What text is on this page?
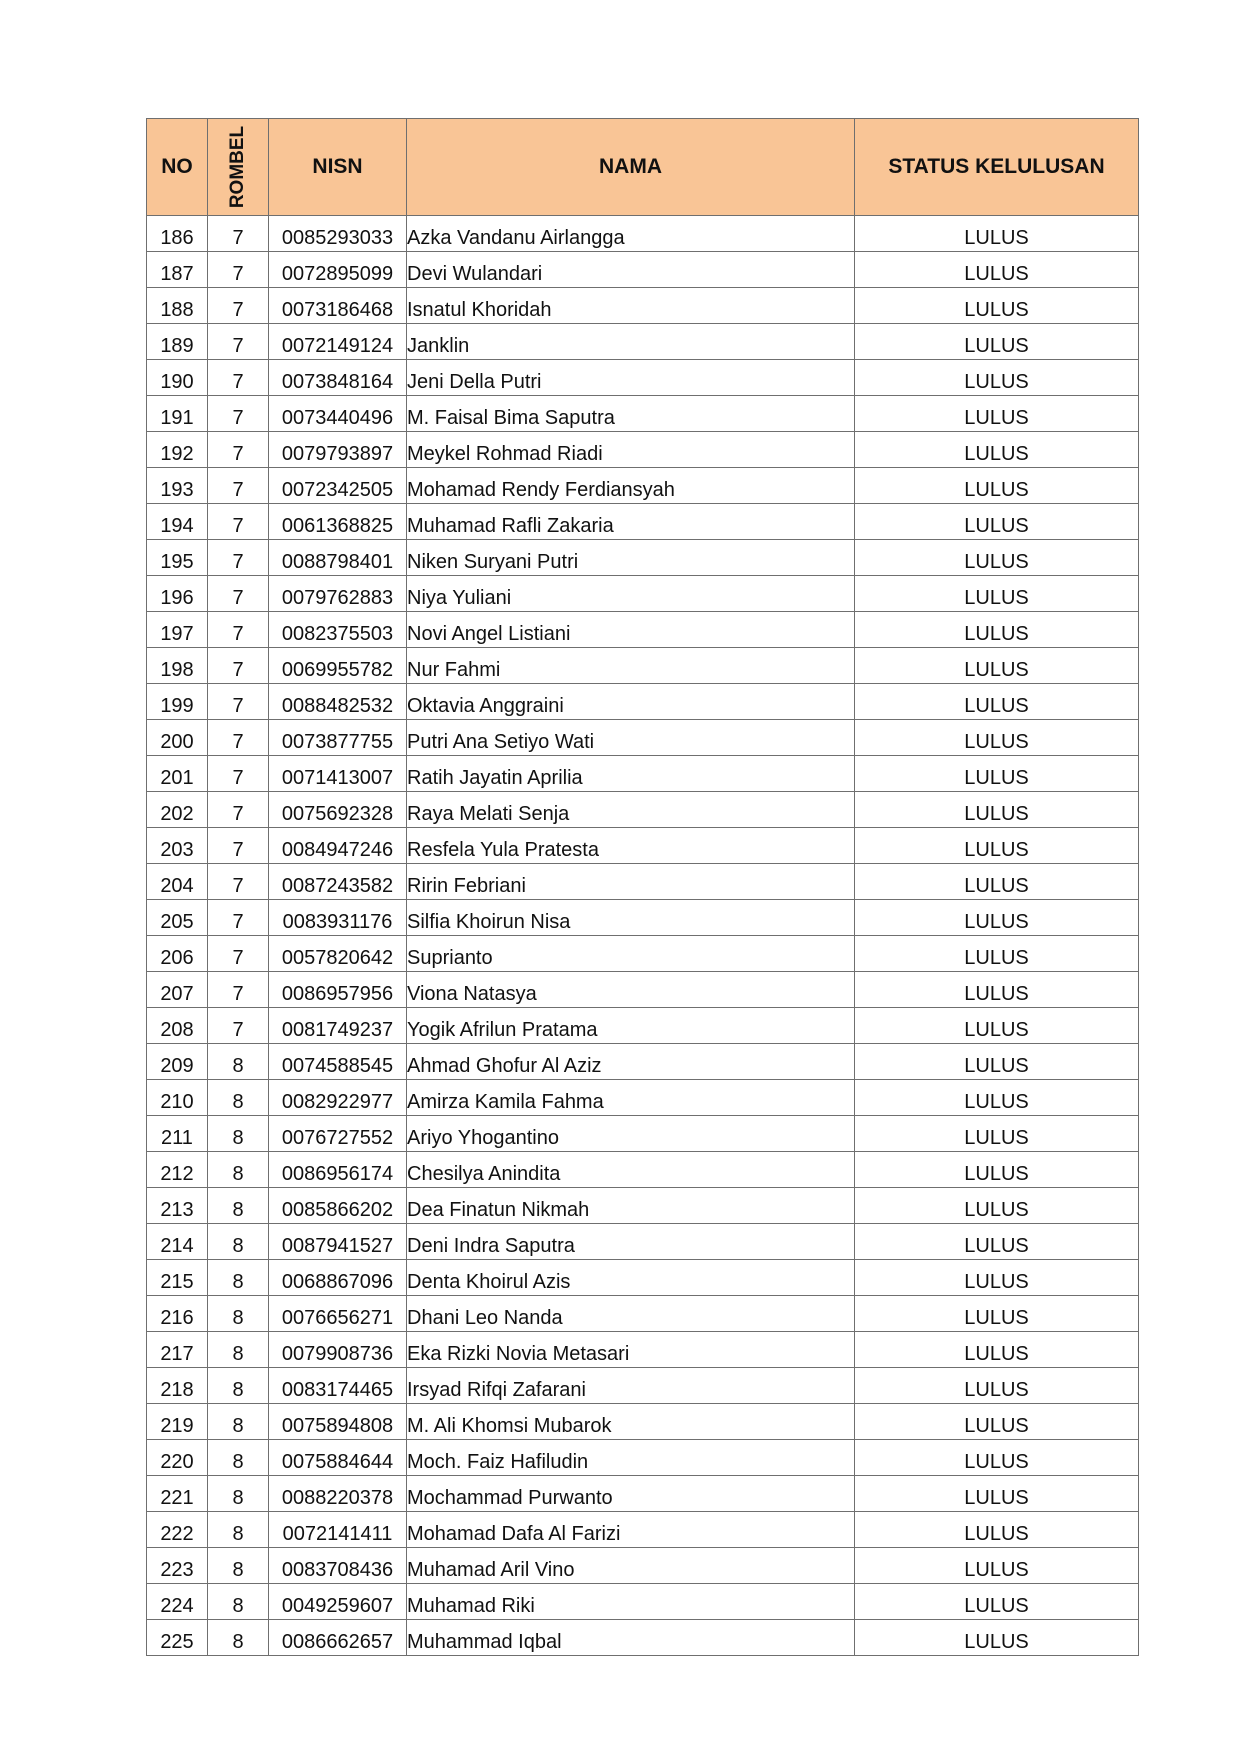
NO	ROMBEL	NISN	NAMA	STATUS KELULUSAN
186	7	0085293033	Azka Vandanu Airlangga	LULUS
187	7	0072895099	Devi Wulandari	LULUS
188	7	0073186468	Isnatul Khoridah	LULUS
189	7	0072149124	Janklin	LULUS
190	7	0073848164	Jeni Della Putri	LULUS
191	7	0073440496	M. Faisal Bima Saputra	LULUS
192	7	0079793897	Meykel Rohmad Riadi	LULUS
193	7	0072342505	Mohamad Rendy Ferdiansyah	LULUS
194	7	0061368825	Muhamad Rafli Zakaria	LULUS
195	7	0088798401	Niken Suryani Putri	LULUS
196	7	0079762883	Niya Yuliani	LULUS
197	7	0082375503	Novi Angel Listiani	LULUS
198	7	0069955782	Nur Fahmi	LULUS
199	7	0088482532	Oktavia Anggraini	LULUS
200	7	0073877755	Putri Ana Setiyo Wati	LULUS
201	7	0071413007	Ratih Jayatin Aprilia	LULUS
202	7	0075692328	Raya Melati Senja	LULUS
203	7	0084947246	Resfela Yula Pratesta	LULUS
204	7	0087243582	Ririn Febriani	LULUS
205	7	0083931176	Silfia Khoirun Nisa	LULUS
206	7	0057820642	Suprianto	LULUS
207	7	0086957956	Viona Natasya	LULUS
208	7	0081749237	Yogik Afrilun Pratama	LULUS
209	8	0074588545	Ahmad Ghofur Al Aziz	LULUS
210	8	0082922977	Amirza Kamila Fahma	LULUS
211	8	0076727552	Ariyo Yhogantino	LULUS
212	8	0086956174	Chesilya Anindita	LULUS
213	8	0085866202	Dea Finatun Nikmah	LULUS
214	8	0087941527	Deni Indra Saputra	LULUS
215	8	0068867096	Denta Khoirul Azis	LULUS
216	8	0076656271	Dhani Leo Nanda	LULUS
217	8	0079908736	Eka Rizki Novia Metasari	LULUS
218	8	0083174465	Irsyad Rifqi Zafarani	LULUS
219	8	0075894808	M. Ali Khomsi Mubarok	LULUS
220	8	0075884644	Moch. Faiz Hafiludin	LULUS
221	8	0088220378	Mochammad Purwanto	LULUS
222	8	0072141411	Mohamad Dafa Al Farizi	LULUS
223	8	0083708436	Muhamad Aril Vino	LULUS
224	8	0049259607	Muhamad Riki	LULUS
225	8	0086662657	Muhammad Iqbal	LULUS
